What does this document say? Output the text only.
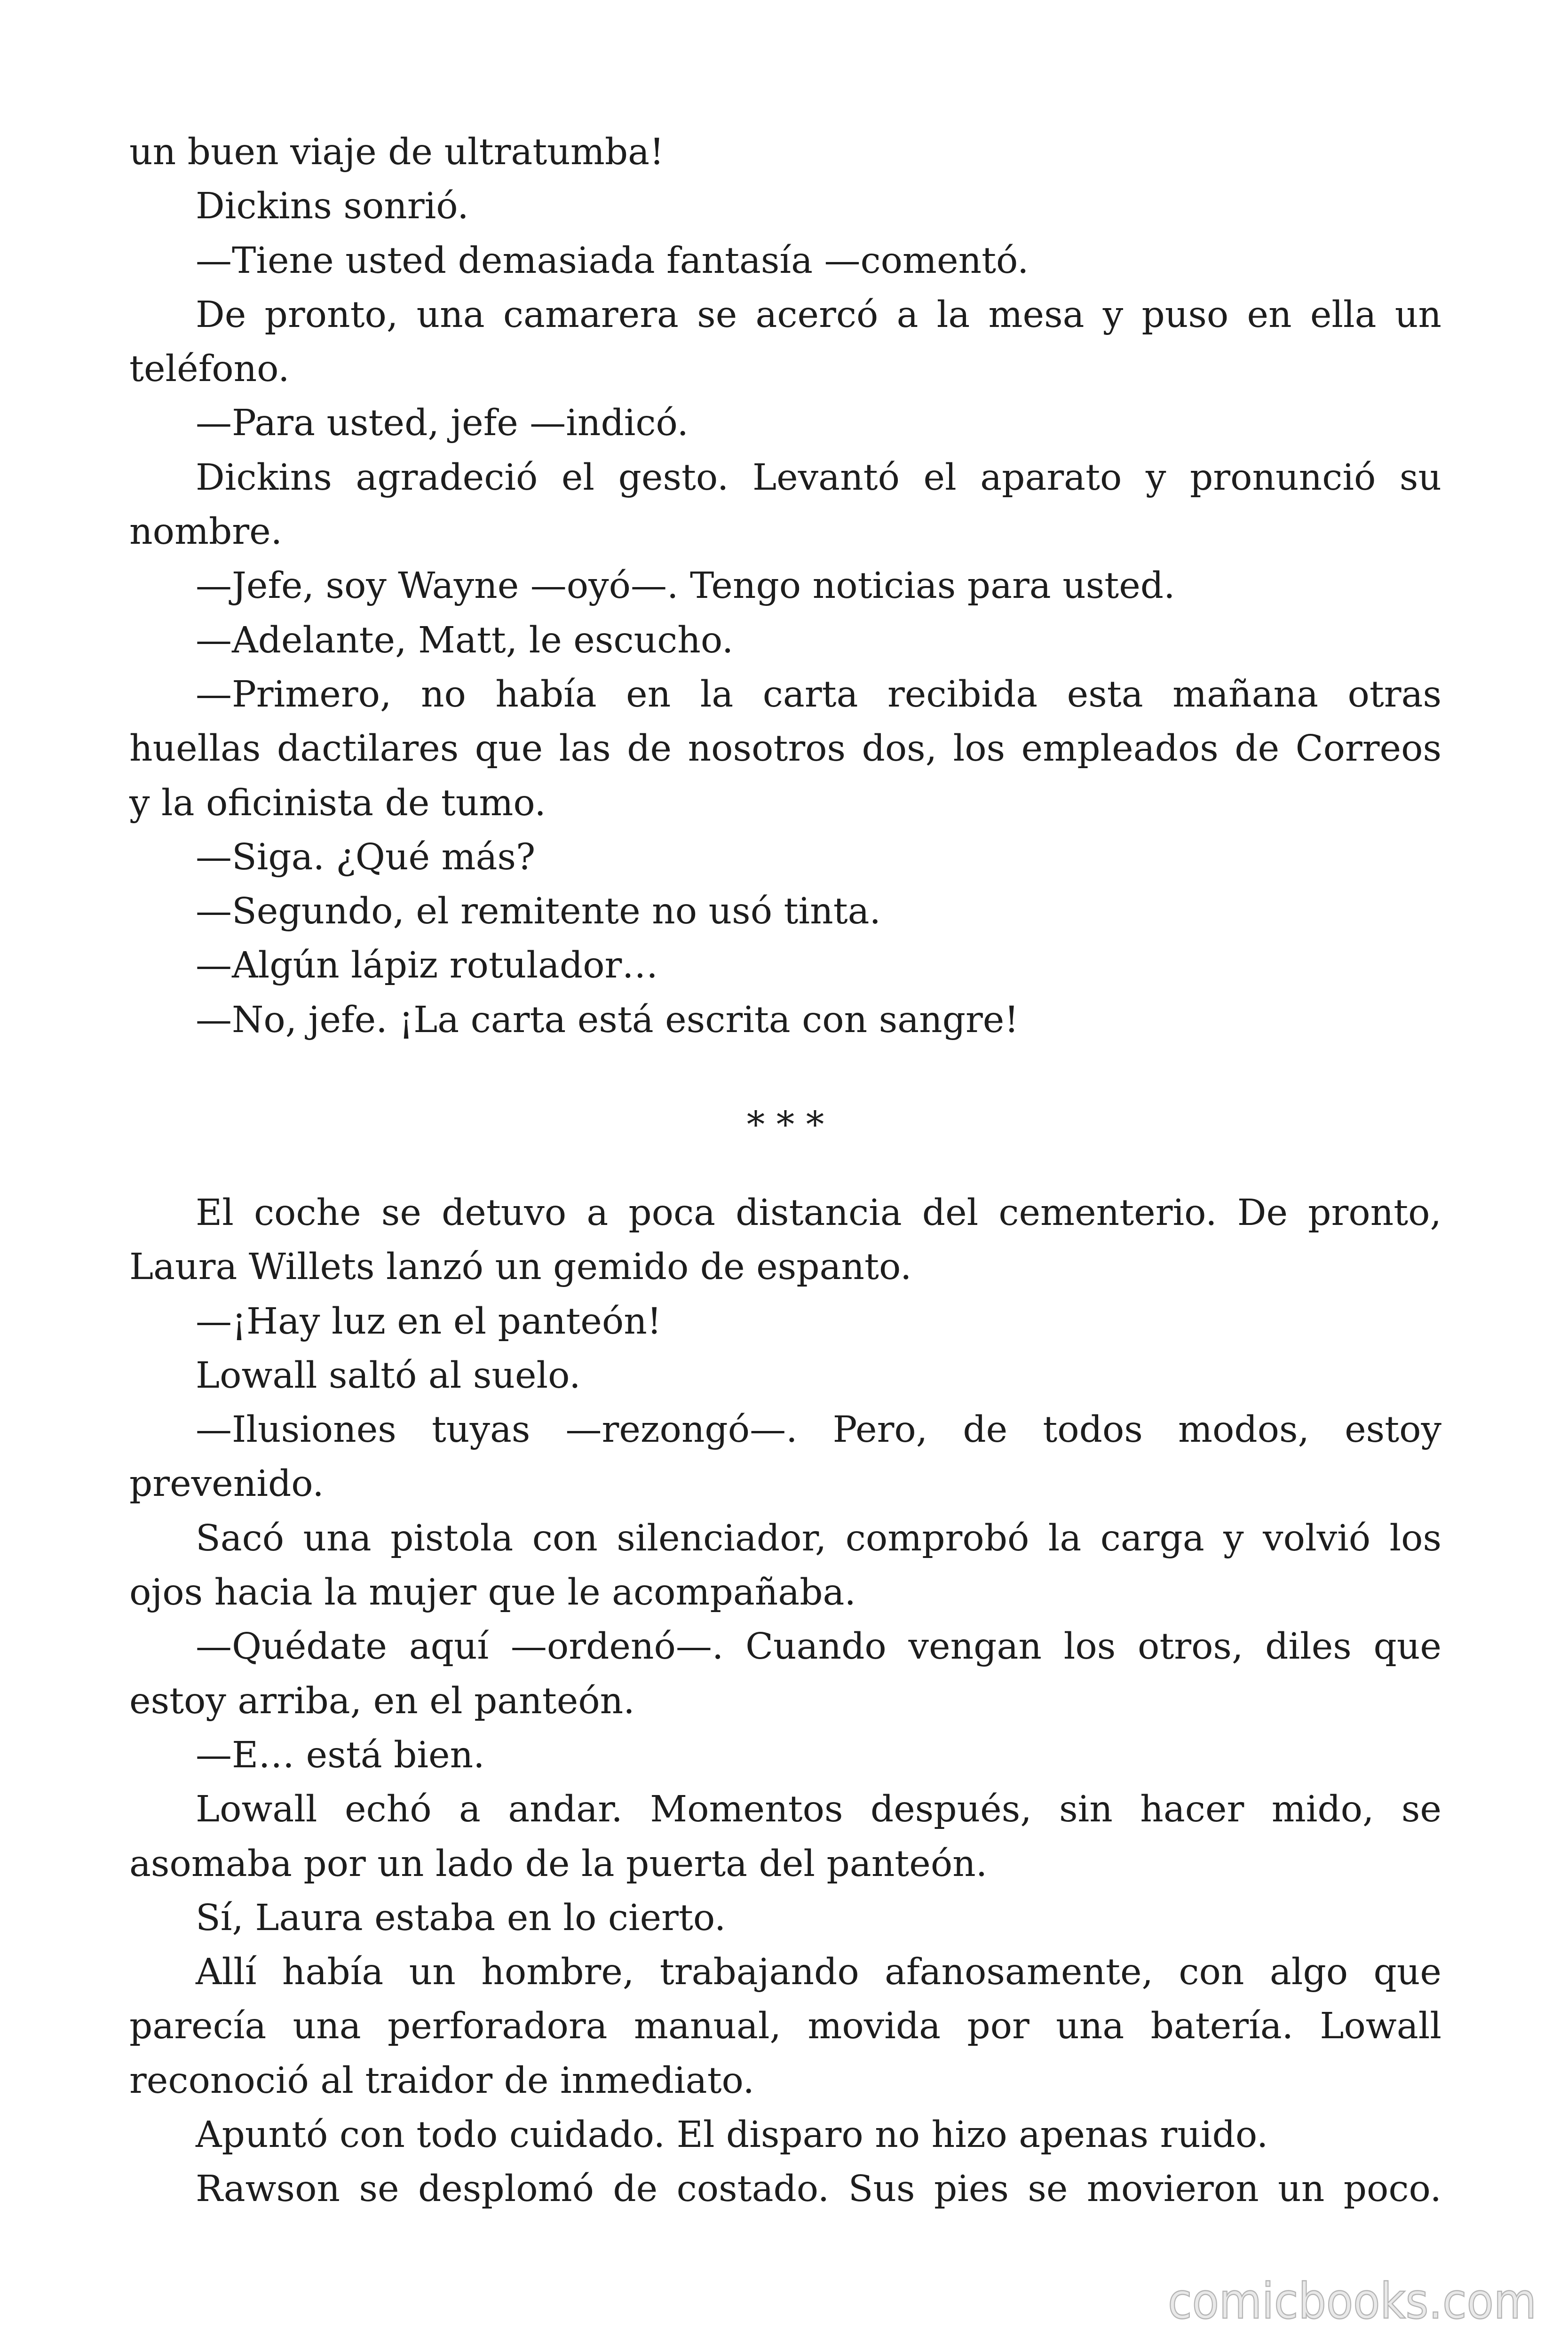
un buen viaje de ultratumba!
Dickins sonrió.
—Tiene usted demasiada fantasía —comentó.
De pronto, una camarera se acercó a la mesa y puso en ella un
teléfono.
—Para usted, jefe —indicó.
Dickins agradeció el gesto. Levantó el aparato y pronunció su
nombre.
—Jefe, soy Wayne —oyó—. Tengo noticias para usted.
—Adelante, Matt, le escucho.
—Primero, no había en la carta recibida esta mañana otras
huellas dactilares que las de nosotros dos, los empleados de Correos
y la oficinista de tumo.
—Siga. ¿Qué más?
—Segundo, el remitente no usó tinta.
—Algún lápiz rotulador…
—No, jefe. ¡La carta está escrita con sangre!
* * *
El coche se detuvo a poca distancia del cementerio. De pronto,
Laura Willets lanzó un gemido de espanto.
—¡Hay luz en el panteón!
Lowall saltó al suelo.
—Ilusiones tuyas —rezongó—. Pero, de todos modos, estoy
prevenido.
Sacó una pistola con silenciador, comprobó la carga y volvió los
ojos hacia la mujer que le acompañaba.
—Quédate aquí —ordenó—. Cuando vengan los otros, diles que
estoy arriba, en el panteón.
—E… está bien.
Lowall echó a andar. Momentos después, sin hacer mido, se
asomaba por un lado de la puerta del panteón.
Sí, Laura estaba en lo cierto.
Allí había un hombre, trabajando afanosamente, con algo que
parecía una perforadora manual, movida por una batería. Lowall
reconoció al traidor de inmediato.
Apuntó con todo cuidado. El disparo no hizo apenas ruido.
Rawson se desplomó de costado. Sus pies se movieron un poco.
comicbooks.com
